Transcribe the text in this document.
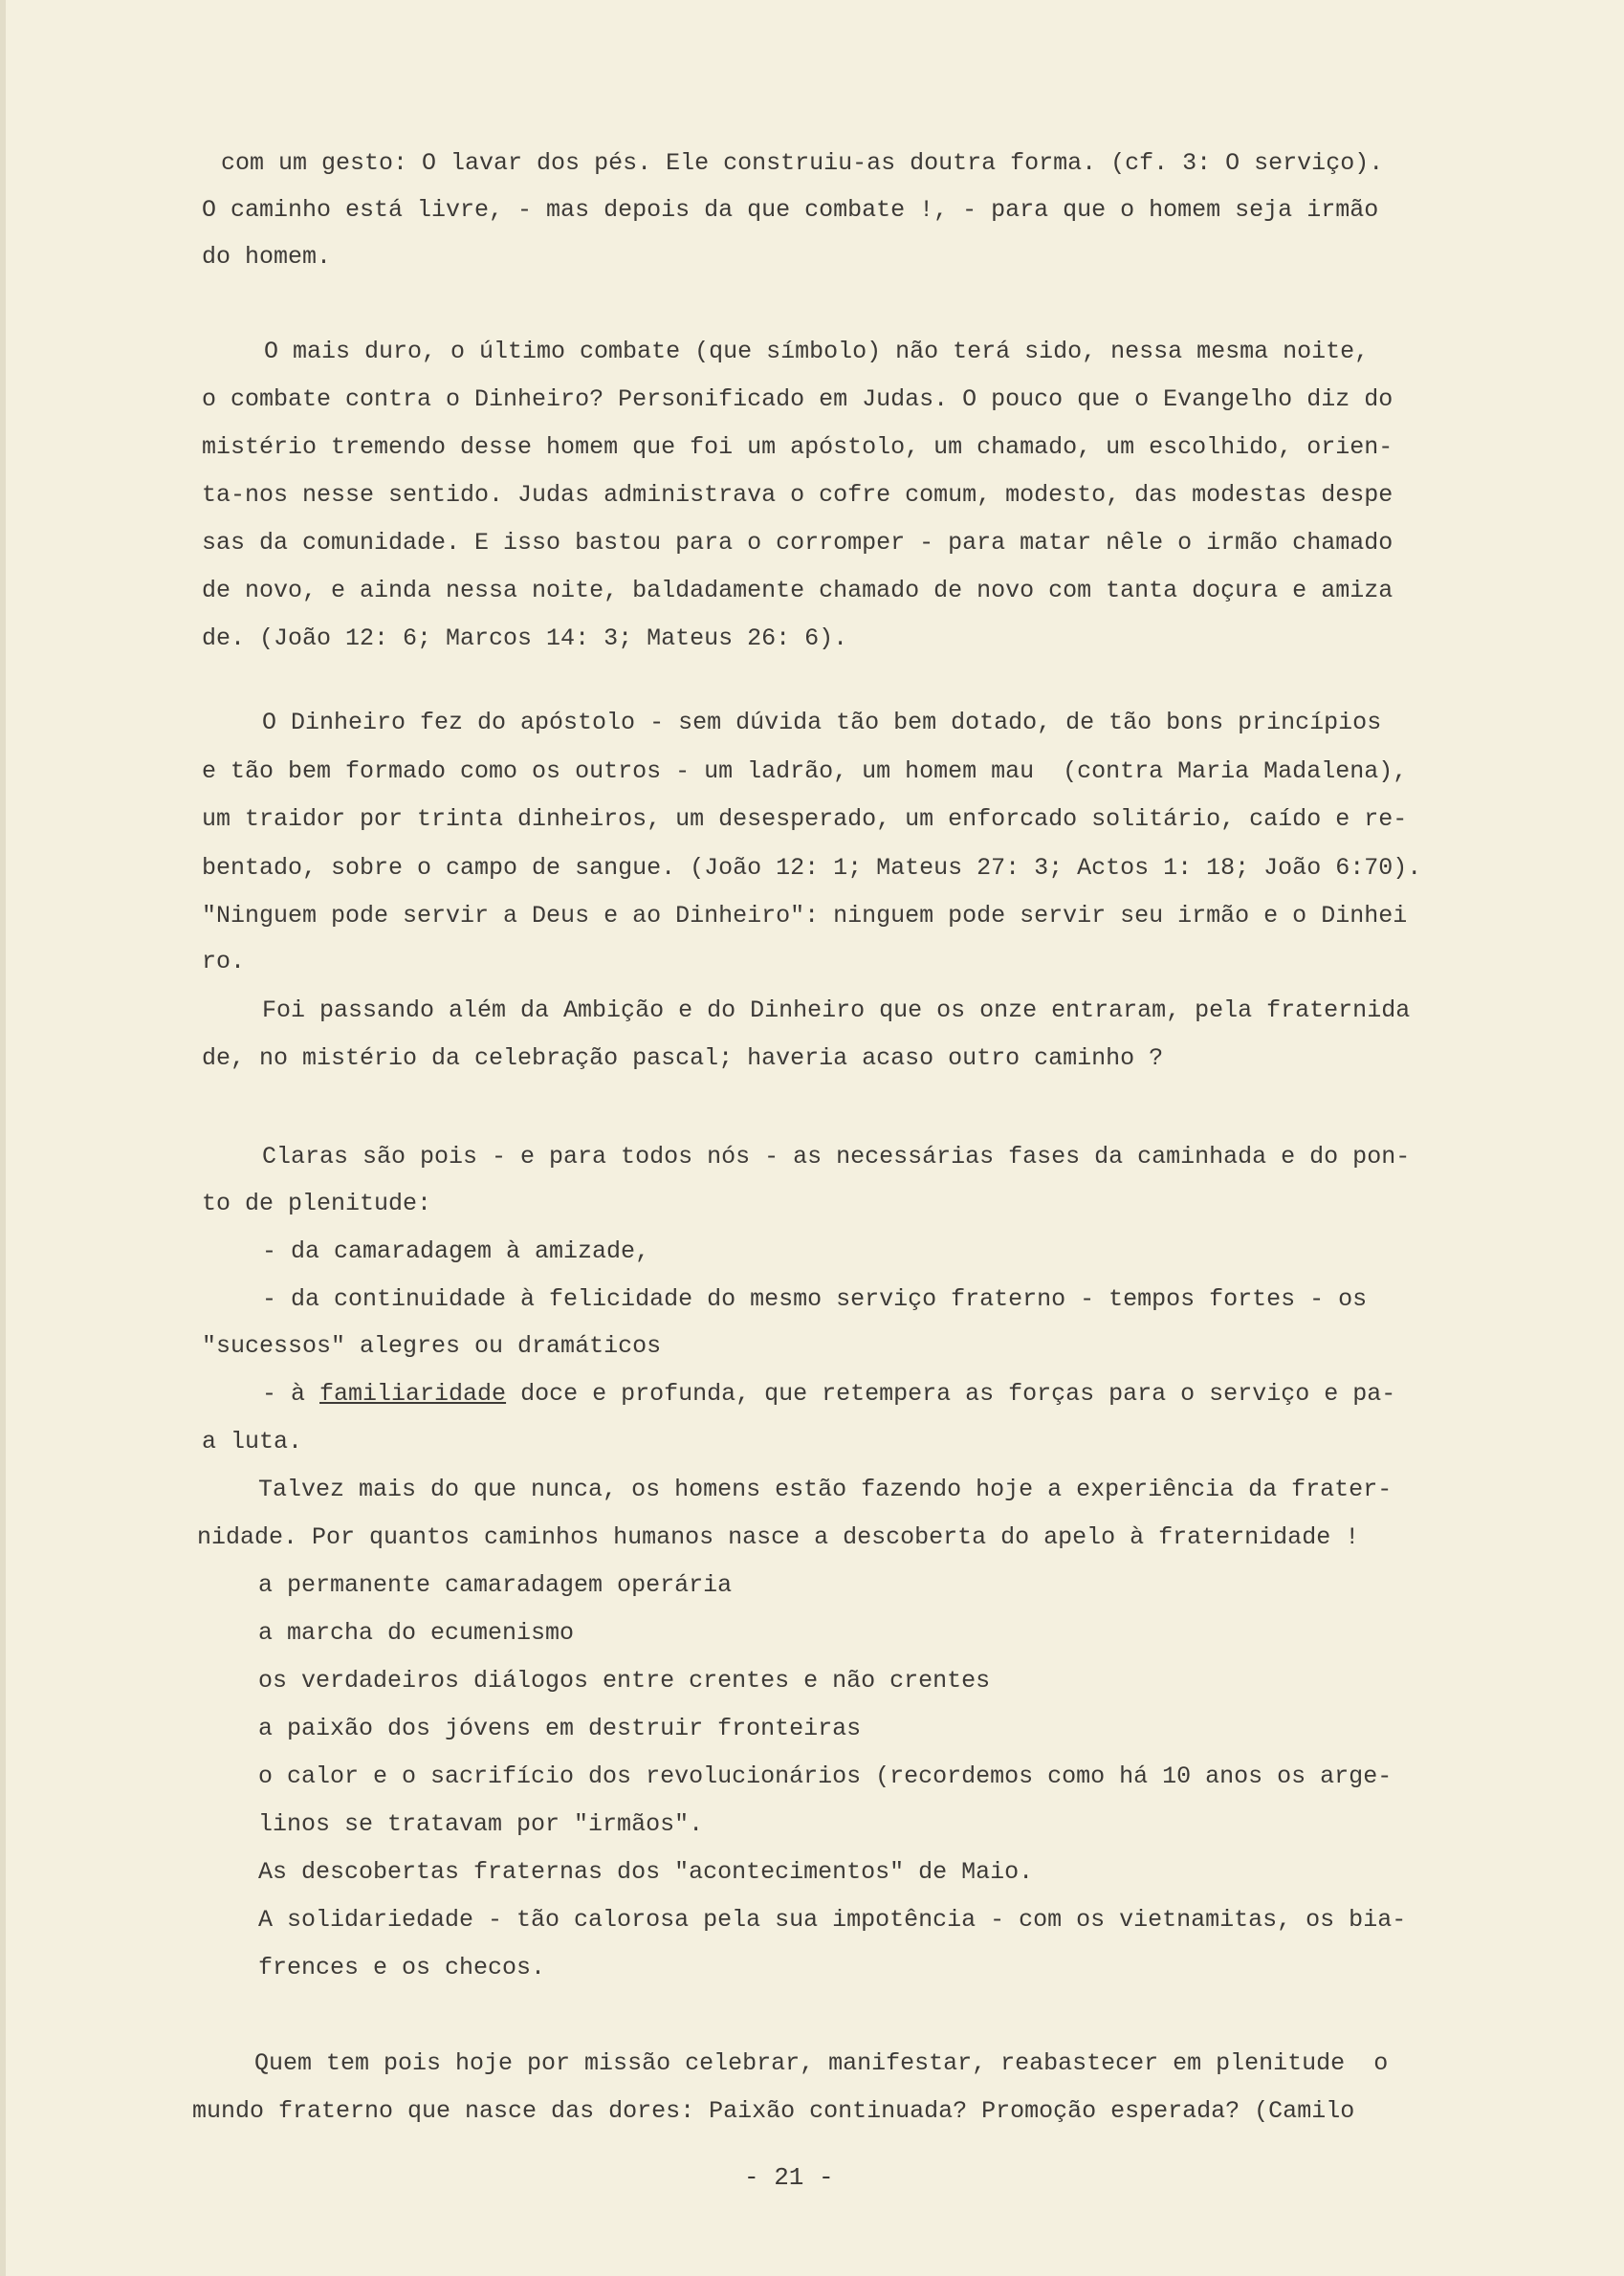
com um gesto: O lavar dos pés. Ele construiu-as doutra forma. (cf. 3: O serviço).

O caminho está livre, - mas depois da que combate !, - para que o homem seja irmão

do homem.

O mais duro, o último combate (que símbolo) não terá sido, nessa mesma noite,

o combate contra o Dinheiro? Personificado em Judas. O pouco que o Evangelho diz do

mistério tremendo desse homem que foi um apóstolo, um chamado, um escolhido, orien-

ta-nos nesse sentido. Judas administrava o cofre comum, modesto, das modestas despe

sas da comunidade. E isso bastou para o corromper - para matar nêle o irmão chamado

de novo, e ainda nessa noite, baldadamente chamado de novo com tanta doçura e amiza

de. (João 12: 6; Marcos 14: 3; Mateus 26: 6).

O Dinheiro fez do apóstolo - sem dúvida tão bem dotado, de tão bons princípios

e tão bem formado como os outros - um ladrão, um homem mau  (contra Maria Madalena),

um traidor por trinta dinheiros, um desesperado, um enforcado solitário, caído e re-

bentado, sobre o campo de sangue. (João 12: 1; Mateus 27: 3; Actos 1: 18; João 6:70).

"Ninguem pode servir a Deus e ao Dinheiro": ninguem pode servir seu irmão e o Dinhei

ro.

Foi passando além da Ambição e do Dinheiro que os onze entraram, pela fraternida

de, no mistério da celebração pascal; haveria acaso outro caminho ?

Claras são pois - e para todos nós - as necessárias fases da caminhada e do pon-

to de plenitude:

- da camaradagem à amizade,

- da continuidade à felicidade do mesmo serviço fraterno - tempos fortes - os

"sucessos" alegres ou dramáticos

- à familiaridade doce e profunda, que retempera as forças para o serviço e pa-

a luta.

Talvez mais do que nunca, os homens estão fazendo hoje a experiência da frater-

nidade. Por quantos caminhos humanos nasce a descoberta do apelo à fraternidade !

a permanente camaradagem operária

a marcha do ecumenismo

os verdadeiros diálogos entre crentes e não crentes

a paixão dos jóvens em destruir fronteiras

o calor e o sacrifício dos revolucionários (recordemos como há 10 anos os arge-

linos se tratavam por "irmãos".

As descobertas fraternas dos "acontecimentos" de Maio.

A solidariedade - tão calorosa pela sua impotência - com os vietnamitas, os bia-

frences e os checos.

Quem tem pois hoje por missão celebrar, manifestar, reabastecer em plenitude  o

mundo fraterno que nasce das dores: Paixão continuada? Promoção esperada? (Camilo

- 21 -
